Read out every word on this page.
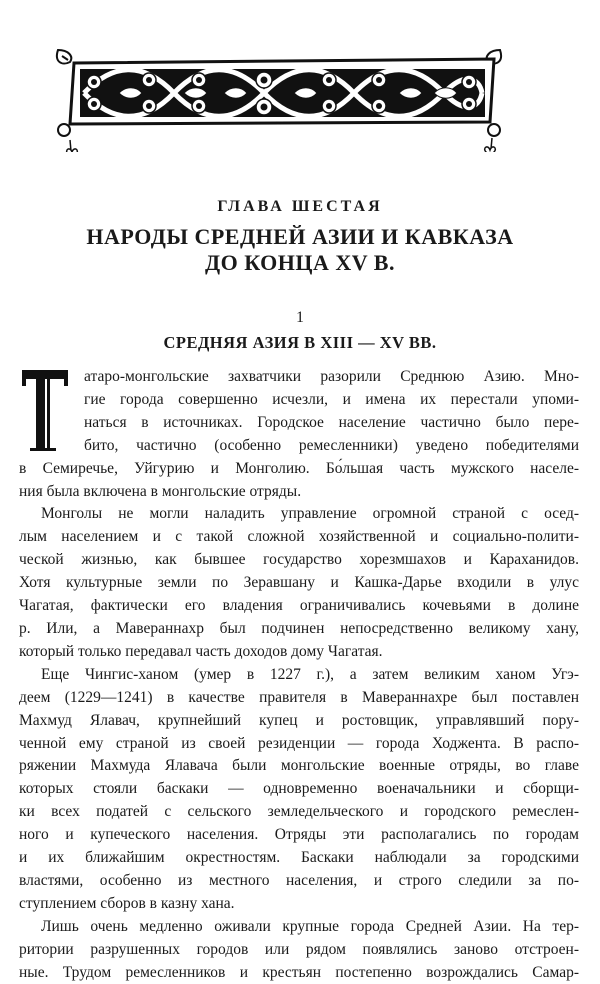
ГЛАВА ШЕСТАЯ
НАРОДЫ СРЕДНЕЙ АЗИИ И КАВКАЗА
ДО КОНЦА XV В.
1
СРЕДНЯЯ АЗИЯ В XIII — XV ВВ.
атаро-монгольские захватчики разорили Среднюю Азию. Мно-
гие города совершенно исчезли, и имена их перестали упоми-
наться в источниках. Городское население частично было пере-
бито, частично (особенно ремесленники) уведено победителями
в Семиречье, Уйгурию и Монголию. Бо́льшая часть мужского населе-
ния была включена в монгольские отряды.
Монголы не могли наладить управление огромной страной с осед-
лым населением и с такой сложной хозяйственной и социально-полити-
ческой жизнью, как бывшее государство хорезмшахов и Караханидов.
Хотя культурные земли по Зеравшану и Кашка-Дарье входили в улус
Чагатая, фактически его владения ограничивались кочевьями в долине
р. Или, а Мавераннахр был подчинен непосредственно великому хану,
который только передавал часть доходов дому Чагатая.
Еще Чингис-ханом (умер в 1227 г.), а затем великим ханом Угэ-
деем (1229—1241) в качестве правителя в Мавераннахре был поставлен
Махмуд Ялавач, крупнейший купец и ростовщик, управлявший пору-
ченной ему страной из своей резиденции — города Ходжента. В распо-
ряжении Махмуда Ялавача были монгольские военные отряды, во главе
которых стояли баскаки — одновременно военачальники и сборщи-
ки всех податей с сельского земледельческого и городского ремеслен-
ного и купеческого населения. Отряды эти располагались по городам
и их ближайшим окрестностям. Баскаки наблюдали за городскими
властями, особенно из местного населения, и строго следили за по-
ступлением сборов в казну хана.
Лишь очень медленно оживали крупные города Средней Азии. На тер-
ритории разрушенных городов или рядом появлялись заново отстроен-
ные. Трудом ремесленников и крестьян постепенно возрождались Самар-
